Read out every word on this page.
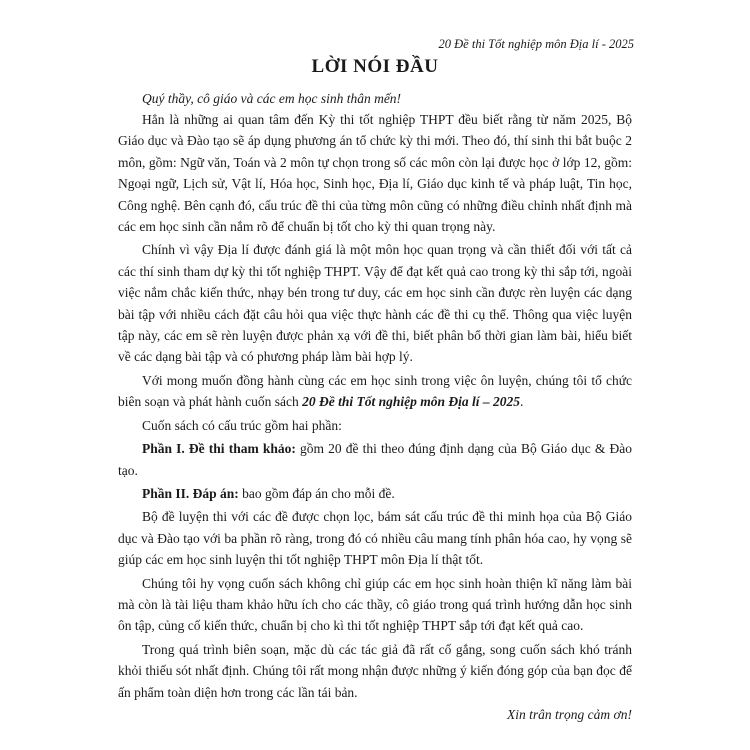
20 Đề thi Tốt nghiệp môn Địa lí - 2025
LỜI NÓI ĐẦU

Quý thầy, cô giáo và các em học sinh thân mến!

Hẳn là những ai quan tâm đến Kỳ thi tốt nghiệp THPT đều biết rằng từ năm 2025, Bộ Giáo dục và Đào tạo sẽ áp dụng phương án tổ chức kỳ thi mới. Theo đó, thí sinh thi bắt buộc 2 môn, gồm: Ngữ văn, Toán và 2 môn tự chọn trong số các môn còn lại được học ở lớp 12, gồm: Ngoại ngữ, Lịch sử, Vật lí, Hóa học, Sinh học, Địa lí, Giáo dục kinh tế và pháp luật, Tin học, Công nghệ. Bên cạnh đó, cấu trúc đề thi của từng môn cũng có những điều chỉnh nhất định mà các em học sinh cần nắm rõ để chuẩn bị tốt cho kỳ thi quan trọng này.

Chính vì vậy Địa lí được đánh giá là một môn học quan trọng và cần thiết đối với tất cả các thí sinh tham dự kỳ thi tốt nghiệp THPT. Vậy để đạt kết quả cao trong kỳ thi sắp tới, ngoài việc nắm chắc kiến thức, nhạy bén trong tư duy, các em học sinh cần được rèn luyện các dạng bài tập với nhiều cách đặt câu hỏi qua việc thực hành các đề thi cụ thể. Thông qua việc luyện tập này, các em sẽ rèn luyện được phản xạ với đề thi, biết phân bổ thời gian làm bài, hiểu biết về các dạng bài tập và có phương pháp làm bài hợp lý.

Với mong muốn đồng hành cùng các em học sinh trong việc ôn luyện, chúng tôi tổ chức biên soạn và phát hành cuốn sách 20 Đề thi Tốt nghiệp môn Địa lí – 2025.

Cuốn sách có cấu trúc gồm hai phần:

Phần I. Đề thi tham khảo: gồm 20 đề thi theo đúng định dạng của Bộ Giáo dục & Đào tạo.

Phần II. Đáp án: bao gồm đáp án cho mỗi đề.

Bộ đề luyện thi với các đề được chọn lọc, bám sát cấu trúc đề thi minh họa của Bộ Giáo dục và Đào tạo với ba phần rõ ràng, trong đó có nhiều câu mang tính phân hóa cao, hy vọng sẽ giúp các em học sinh luyện thi tốt nghiệp THPT môn Địa lí thật tốt.

Chúng tôi hy vọng cuốn sách không chỉ giúp các em học sinh hoàn thiện kĩ năng làm bài mà còn là tài liệu tham khảo hữu ích cho các thầy, cô giáo trong quá trình hướng dẫn học sinh ôn tập, củng cố kiến thức, chuẩn bị cho kì thi tốt nghiệp THPT sắp tới đạt kết quả cao.

Trong quá trình biên soạn, mặc dù các tác giả đã rất cố gắng, song cuốn sách khó tránh khỏi thiếu sót nhất định. Chúng tôi rất mong nhận được những ý kiến đóng góp của bạn đọc để ấn phẩm toàn diện hơn trong các lần tái bản.

Xin trân trọng cảm ơn!
